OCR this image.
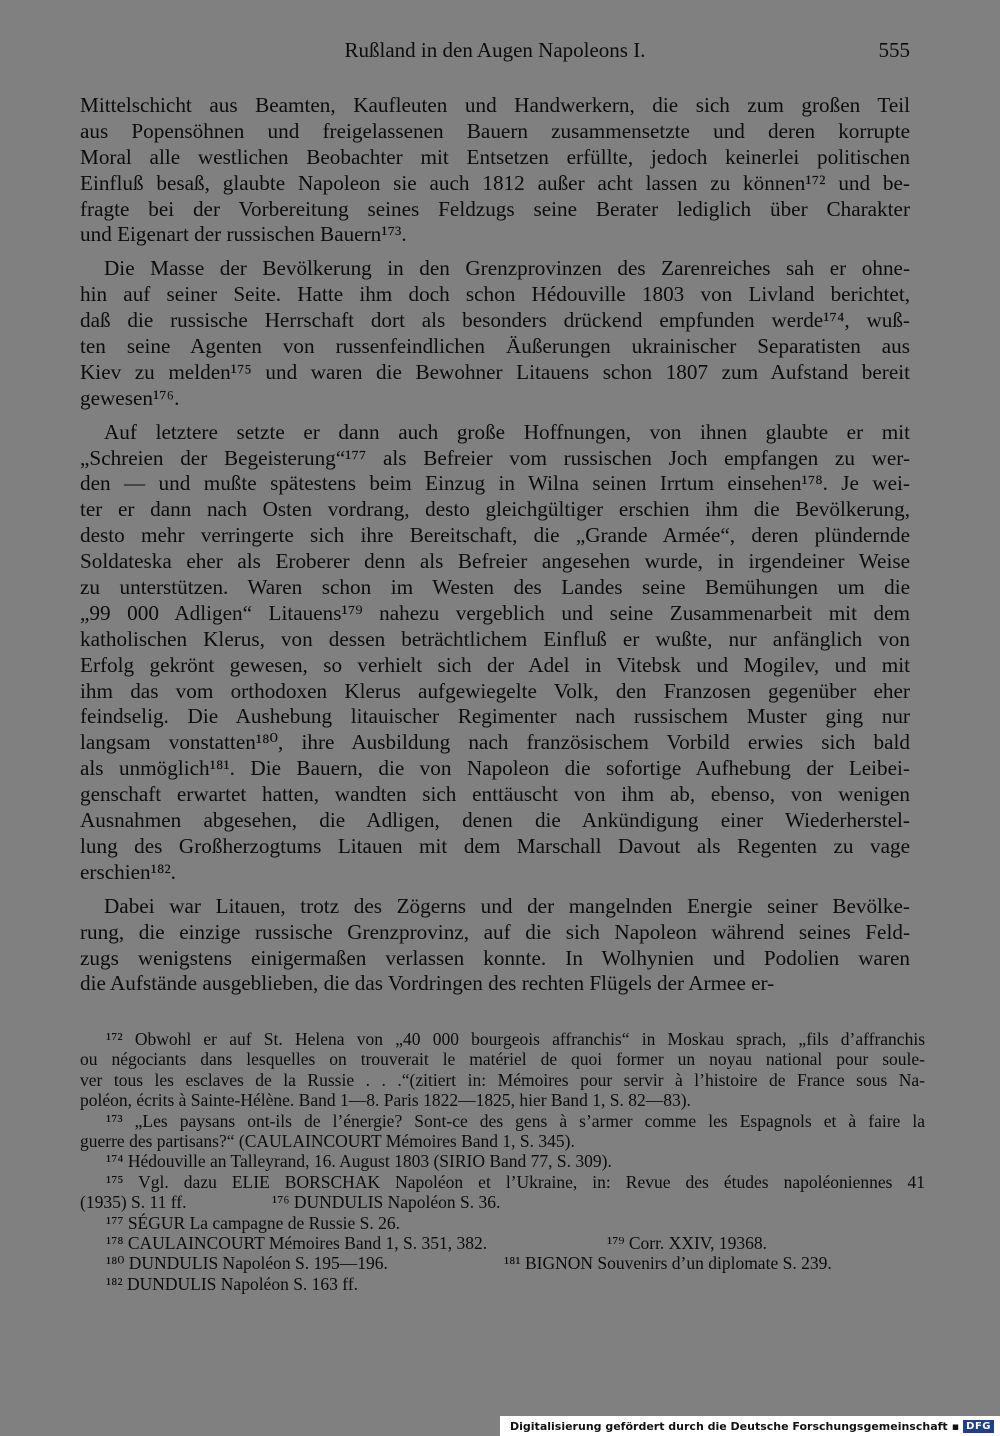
Rußland in den Augen Napoleons I.	555
Mittelschicht aus Beamten, Kaufleuten und Handwerkern, die sich zum großen Teil
aus Popensöhnen und freigelassenen Bauern zusammensetzte und deren korrupte
Moral alle westlichen Beobachter mit Entsetzen erfüllte, jedoch keinerlei politischen
Einfluß besaß, glaubte Napoleon sie auch 1812 außer acht lassen zu können¹⁷² und be-
fragte bei der Vorbereitung seines Feldzugs seine Berater lediglich über Charakter
und Eigenart der russischen Bauern¹⁷³.
Die Masse der Bevölkerung in den Grenzprovinzen des Zarenreiches sah er ohne-
hin auf seiner Seite. Hatte ihm doch schon Hédouville 1803 von Livland berichtet,
daß die russische Herrschaft dort als besonders drückend empfunden werde¹⁷⁴, wuß-
ten seine Agenten von russenfeindlichen Äußerungen ukrainischer Separatisten aus
Kiev zu melden¹⁷⁵ und waren die Bewohner Litauens schon 1807 zum Aufstand bereit
gewesen¹⁷⁶.
Auf letztere setzte er dann auch große Hoffnungen, von ihnen glaubte er mit
„Schreien der Begeisterung“¹⁷⁷ als Befreier vom russischen Joch empfangen zu wer-
den — und mußte spätestens beim Einzug in Wilna seinen Irrtum einsehen¹⁷⁸. Je wei-
ter er dann nach Osten vordrang, desto gleichgültiger erschien ihm die Bevölkerung,
desto mehr verringerte sich ihre Bereitschaft, die „Grande Armée“, deren plündernde
Soldateska eher als Eroberer denn als Befreier angesehen wurde, in irgendeiner Weise
zu unterstützen. Waren schon im Westen des Landes seine Bemühungen um die
„99 000 Adligen“ Litauens¹⁷⁹ nahezu vergeblich und seine Zusammenarbeit mit dem
katholischen Klerus, von dessen beträchtlichem Einfluß er wußte, nur anfänglich von
Erfolg gekrönt gewesen, so verhielt sich der Adel in Vitebsk und Mogilev, und mit
ihm das vom orthodoxen Klerus aufgewiegelte Volk, den Franzosen gegenüber eher
feindselig. Die Aushebung litauischer Regimenter nach russischem Muster ging nur
langsam vonstatten¹⁸⁰, ihre Ausbildung nach französischem Vorbild erwies sich bald
als unmöglich¹⁸¹. Die Bauern, die von Napoleon die sofortige Aufhebung der Leibei-
genschaft erwartet hatten, wandten sich enttäuscht von ihm ab, ebenso, von wenigen
Ausnahmen abgesehen, die Adligen, denen die Ankündigung einer Wiederherstel-
lung des Großherzogtums Litauen mit dem Marschall Davout als Regenten zu vage
erschien¹⁸².
Dabei war Litauen, trotz des Zögerns und der mangelnden Energie seiner Bevölke-
rung, die einzige russische Grenzprovinz, auf die sich Napoleon während seines Feld-
zugs wenigstens einigermaßen verlassen konnte. In Wolhynien und Podolien waren
die Aufstände ausgeblieben, die das Vordringen des rechten Flügels der Armee er-
¹⁷² Obwohl er auf St. Helena von „40 000 bourgeois affranchis“ in Moskau sprach, „fils d’affranchis
ou négociants dans lesquelles on trouverait le matériel de quoi former un noyau national pour soule-
ver tous les esclaves de la Russie . . .“(zitiert in: Mémoires pour servir à l’histoire de France sous Na-
poléon, écrits à Sainte-Hélène. Band 1—8. Paris 1822—1825, hier Band 1, S. 82—83).
¹⁷³ „Les paysans ont-ils de l’énergie? Sont-ce des gens à s’armer comme les Espagnols et à faire la
guerre des partisans?“ (CAULAINCOURT Mémoires Band 1, S. 345).
¹⁷⁴ Hédouville an Talleyrand, 16. August 1803 (SIRIO Band 77, S. 309).
¹⁷⁵ Vgl. dazu ELIE BORSCHAK Napoléon et l’Ukraine, in: Revue des études napoléoniennes 41
(1935) S. 11 ff.	¹⁷⁶ DUNDULIS Napoléon S. 36.
¹⁷⁷ SÉGUR La campagne de Russie S. 26.
¹⁷⁸ CAULAINCOURT Mémoires Band 1, S. 351, 382.	¹⁷⁹ Corr. XXIV, 19368.
¹⁸⁰ DUNDULIS Napoléon S. 195—196.	¹⁸¹ BIGNON Souvenirs d’un diplomate S. 239.
¹⁸² DUNDULIS Napoléon S. 163 ff.
Digitalisierung gefördert durch die Deutsche Forschungsgemeinschaft ▪ DFG
